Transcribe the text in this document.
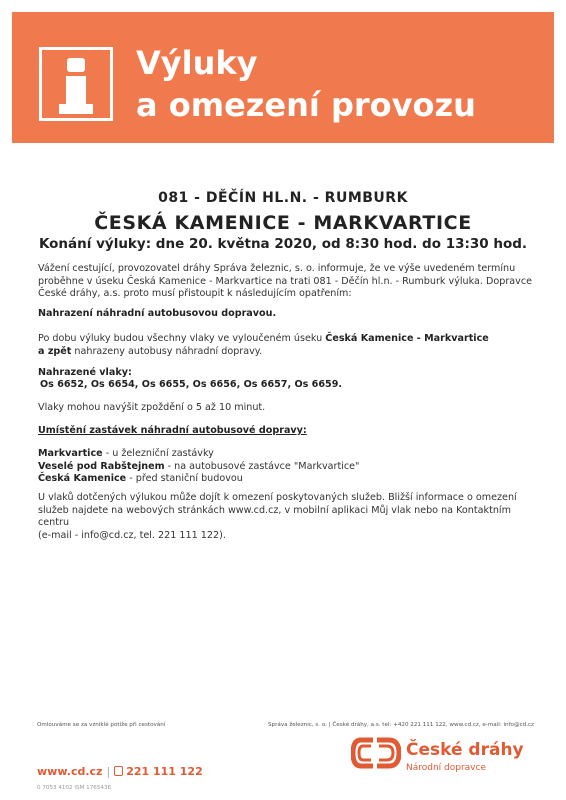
Výluky
a omezení provozu
081 - DĚČÍN HL.N. - RUMBURK
ČESKÁ KAMENICE - MARKVARTICE
Konání výluky: dne 20. května 2020, od 8:30 hod. do 13:30 hod.
Vážení cestující, provozovatel dráhy Správa železnic, s. o. informuje, že ve výše uvedeném termínu
proběhne v úseku Česká Kamenice - Markvartice na trati 081 - Děčín hl.n. - Rumburk výluka. Dopravce
České dráhy, a.s. proto musí přistoupit k následujícím opatřením:
Nahrazení náhradní autobusovou dopravou.
Po dobu výluky budou všechny vlaky ve vyloučeném úseku Česká Kamenice - Markvartice
a zpět nahrazeny autobusy náhradní dopravy.
Nahrazené vlaky:
Os 6652, Os 6654, Os 6655, Os 6656, Os 6657, Os 6659.
Vlaky mohou navýšit zpoždění o 5 až 10 minut.
Umístění zastávek náhradní autobusové dopravy:
Markvartice - u železniční zastávky
Veselé pod Rabštejnem - na autobusové zastávce "Markvartice"
Česká Kamenice - před staniční budovou
U vlaků dotčených výlukou může dojít k omezení poskytovaných služeb. Bližší informace o omezení
služeb najdete na webových stránkách www.cd.cz, v mobilní aplikaci Můj vlak nebo na Kontaktním centru
(e-mail - info@cd.cz, tel. 221 111 122).
Omlouváme se za vzniklé potíže při cestování	Správa železnic, s. o. | České dráhy, a.s. tel: +420 221 111 122, www.cd.cz, e-mail: info@cd.cz
www.cd.cz | 221 111 122
0 7053 4102 ISM 1765436
České dráhy
Národní dopravce
